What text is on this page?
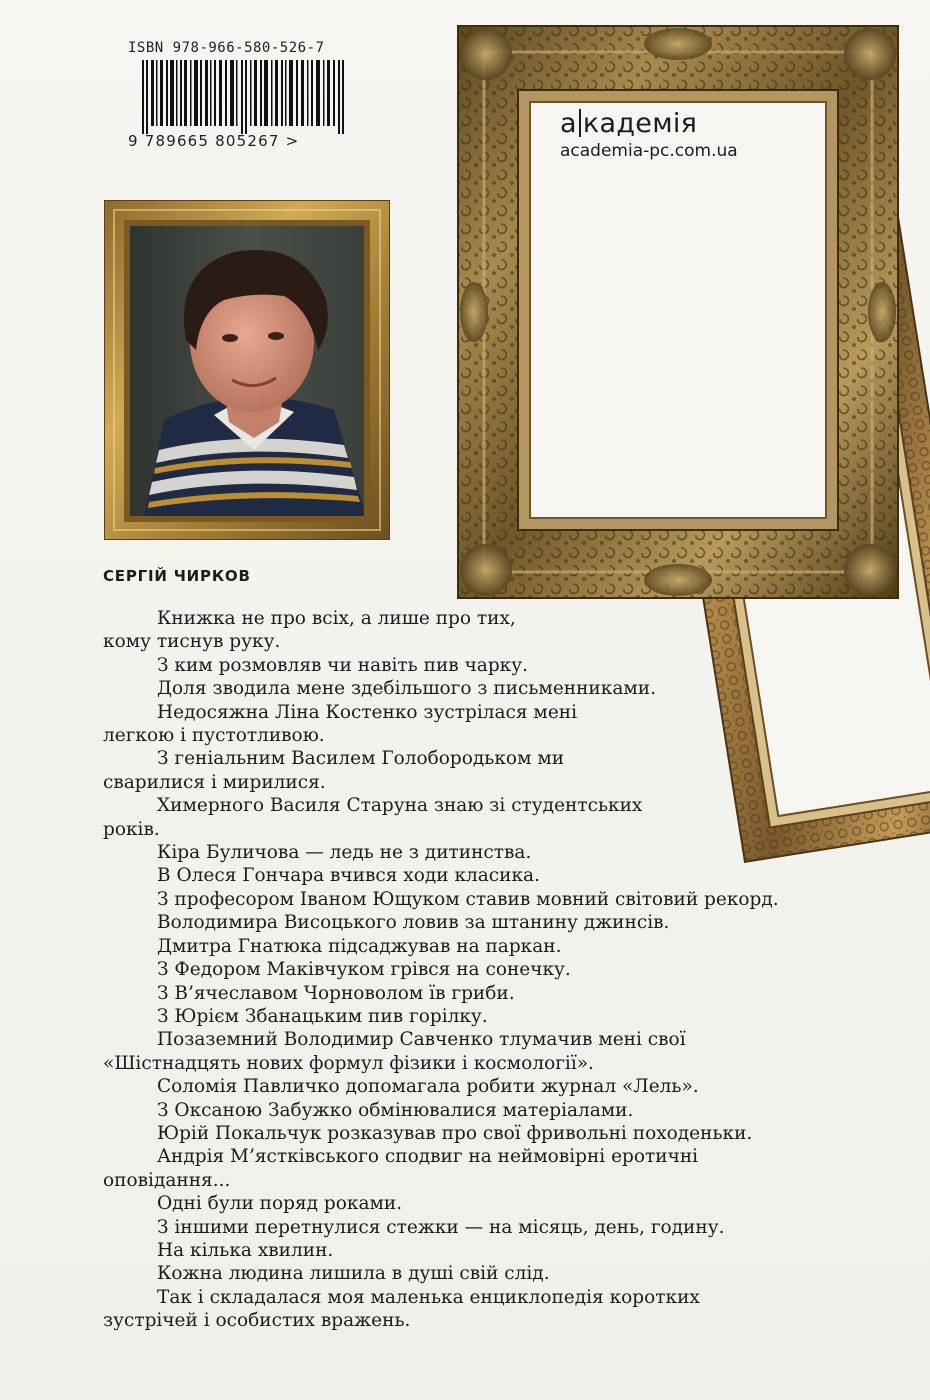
а кадемія
academia-pc.com.ua
ISBN 978-966-580-526-7
9 789665 805267 >
СЕРГІЙ ЧИРКОВ

Книжка не про всіх, а лише про тих,

кому тиснув руку.

З ким розмовляв чи навіть пив чарку.

Доля зводила мене здебільшого з письменниками.

Недосяжна Ліна Костенко зустрілася мені

легкою і пустотливою.

З геніальним Василем Голобородьком ми

сварилися і мирилися.

Химерного Василя Старуна знаю зі студентських

років.

Кіра Буличова — ледь не з дитинства.

В Олеся Гончара вчився ходи класика.

З професором Іваном Ющуком ставив мовний світовий рекорд.

Володимира Висоцького ловив за штанину джинсів.

Дмитра Гнатюка підсаджував на паркан.

З Федором Маківчуком грівся на сонечку.

З В’ячеславом Чорноволом їв гриби.

З Юрієм Збанацьким пив горілку.

Позаземний Володимир Савченко тлумачив мені свої

«Шістнадцять нових формул фізики і космології».

Соломія Павличко допомагала робити журнал «Лель».

З Оксаною Забужко обмінювалися матеріалами.

Юрій Покальчук розказував про свої фривольні походеньки.

Андрія М’ястківського сподвиг на неймовірні еротичні

оповідання...

Одні були поряд роками.

З іншими перетнулися стежки — на місяць, день, годину.

На кілька хвилин.

Кожна людина лишила в душі свій слід.

Так і складалася моя маленька енциклопедія коротких

зустрічей і особистих вражень.
